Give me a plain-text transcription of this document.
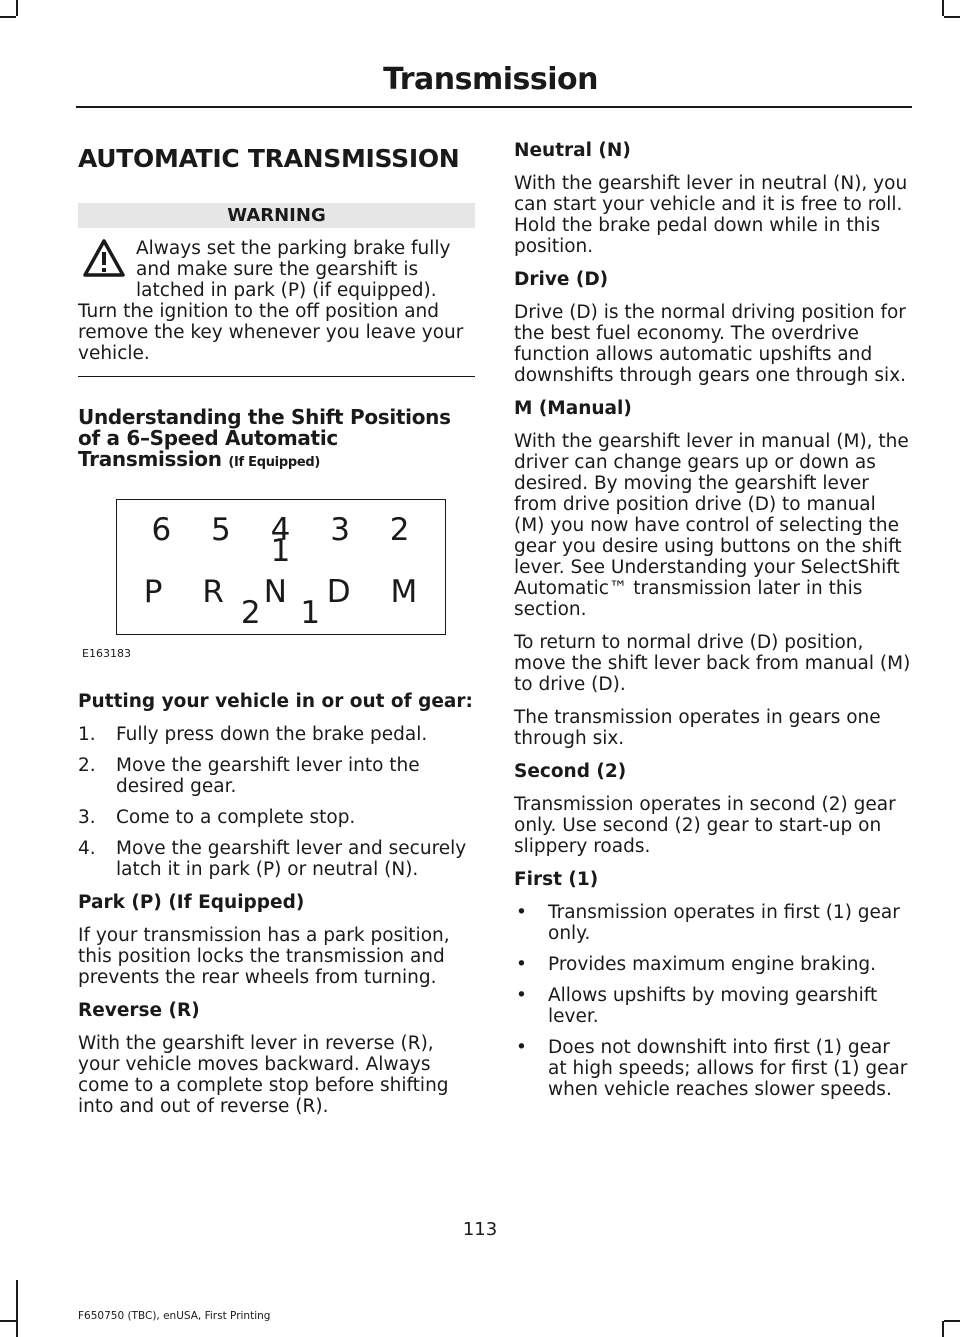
Transmission
AUTOMATIC TRANSMISSION
WARNING
Always set the parking brake fully and make sure the gearshift is latched in park (P) (if equipped).
Turn the ignition to the off position and remove the key whenever you leave your vehicle.
Understanding the Shift Positions of a 6–Speed Automatic Transmission (If Equipped)
6 5 4 3 2 1
P R N D M 2 1
E163183
Putting your vehicle in or out of gear:
1. Fully press down the brake pedal.
2. Move the gearshift lever into the desired gear.
3. Come to a complete stop.
4. Move the gearshift lever and securely latch it in park (P) or neutral (N).
Park (P) (If Equipped)

If your transmission has a park position, this position locks the transmission and prevents the rear wheels from turning.

Reverse (R)

With the gearshift lever in reverse (R), your vehicle moves backward. Always come to a complete stop before shifting into and out of reverse (R).

Neutral (N)

With the gearshift lever in neutral (N), you can start your vehicle and it is free to roll. Hold the brake pedal down while in this position.

Drive (D)

Drive (D) is the normal driving position for the best fuel economy. The overdrive function allows automatic upshifts and downshifts through gears one through six.

M (Manual)

With the gearshift lever in manual (M), the driver can change gears up or down as desired. By moving the gearshift lever from drive position drive (D) to manual (M) you now have control of selecting the gear you desire using buttons on the shift lever. See Understanding your SelectShift Automatic™ transmission later in this section.

To return to normal drive (D) position, move the shift lever back from manual (M) to drive (D).

The transmission operates in gears one through six.

Second (2)

Transmission operates in second (2) gear only. Use second (2) gear to start-up on slippery roads.

First (1)
• Transmission operates in first (1) gear only.
• Provides maximum engine braking.
• Allows upshifts by moving gearshift lever.
• Does not downshift into first (1) gear at high speeds; allows for first (1) gear when vehicle reaches slower speeds.
113
F650750 (TBC), enUSA, First Printing
